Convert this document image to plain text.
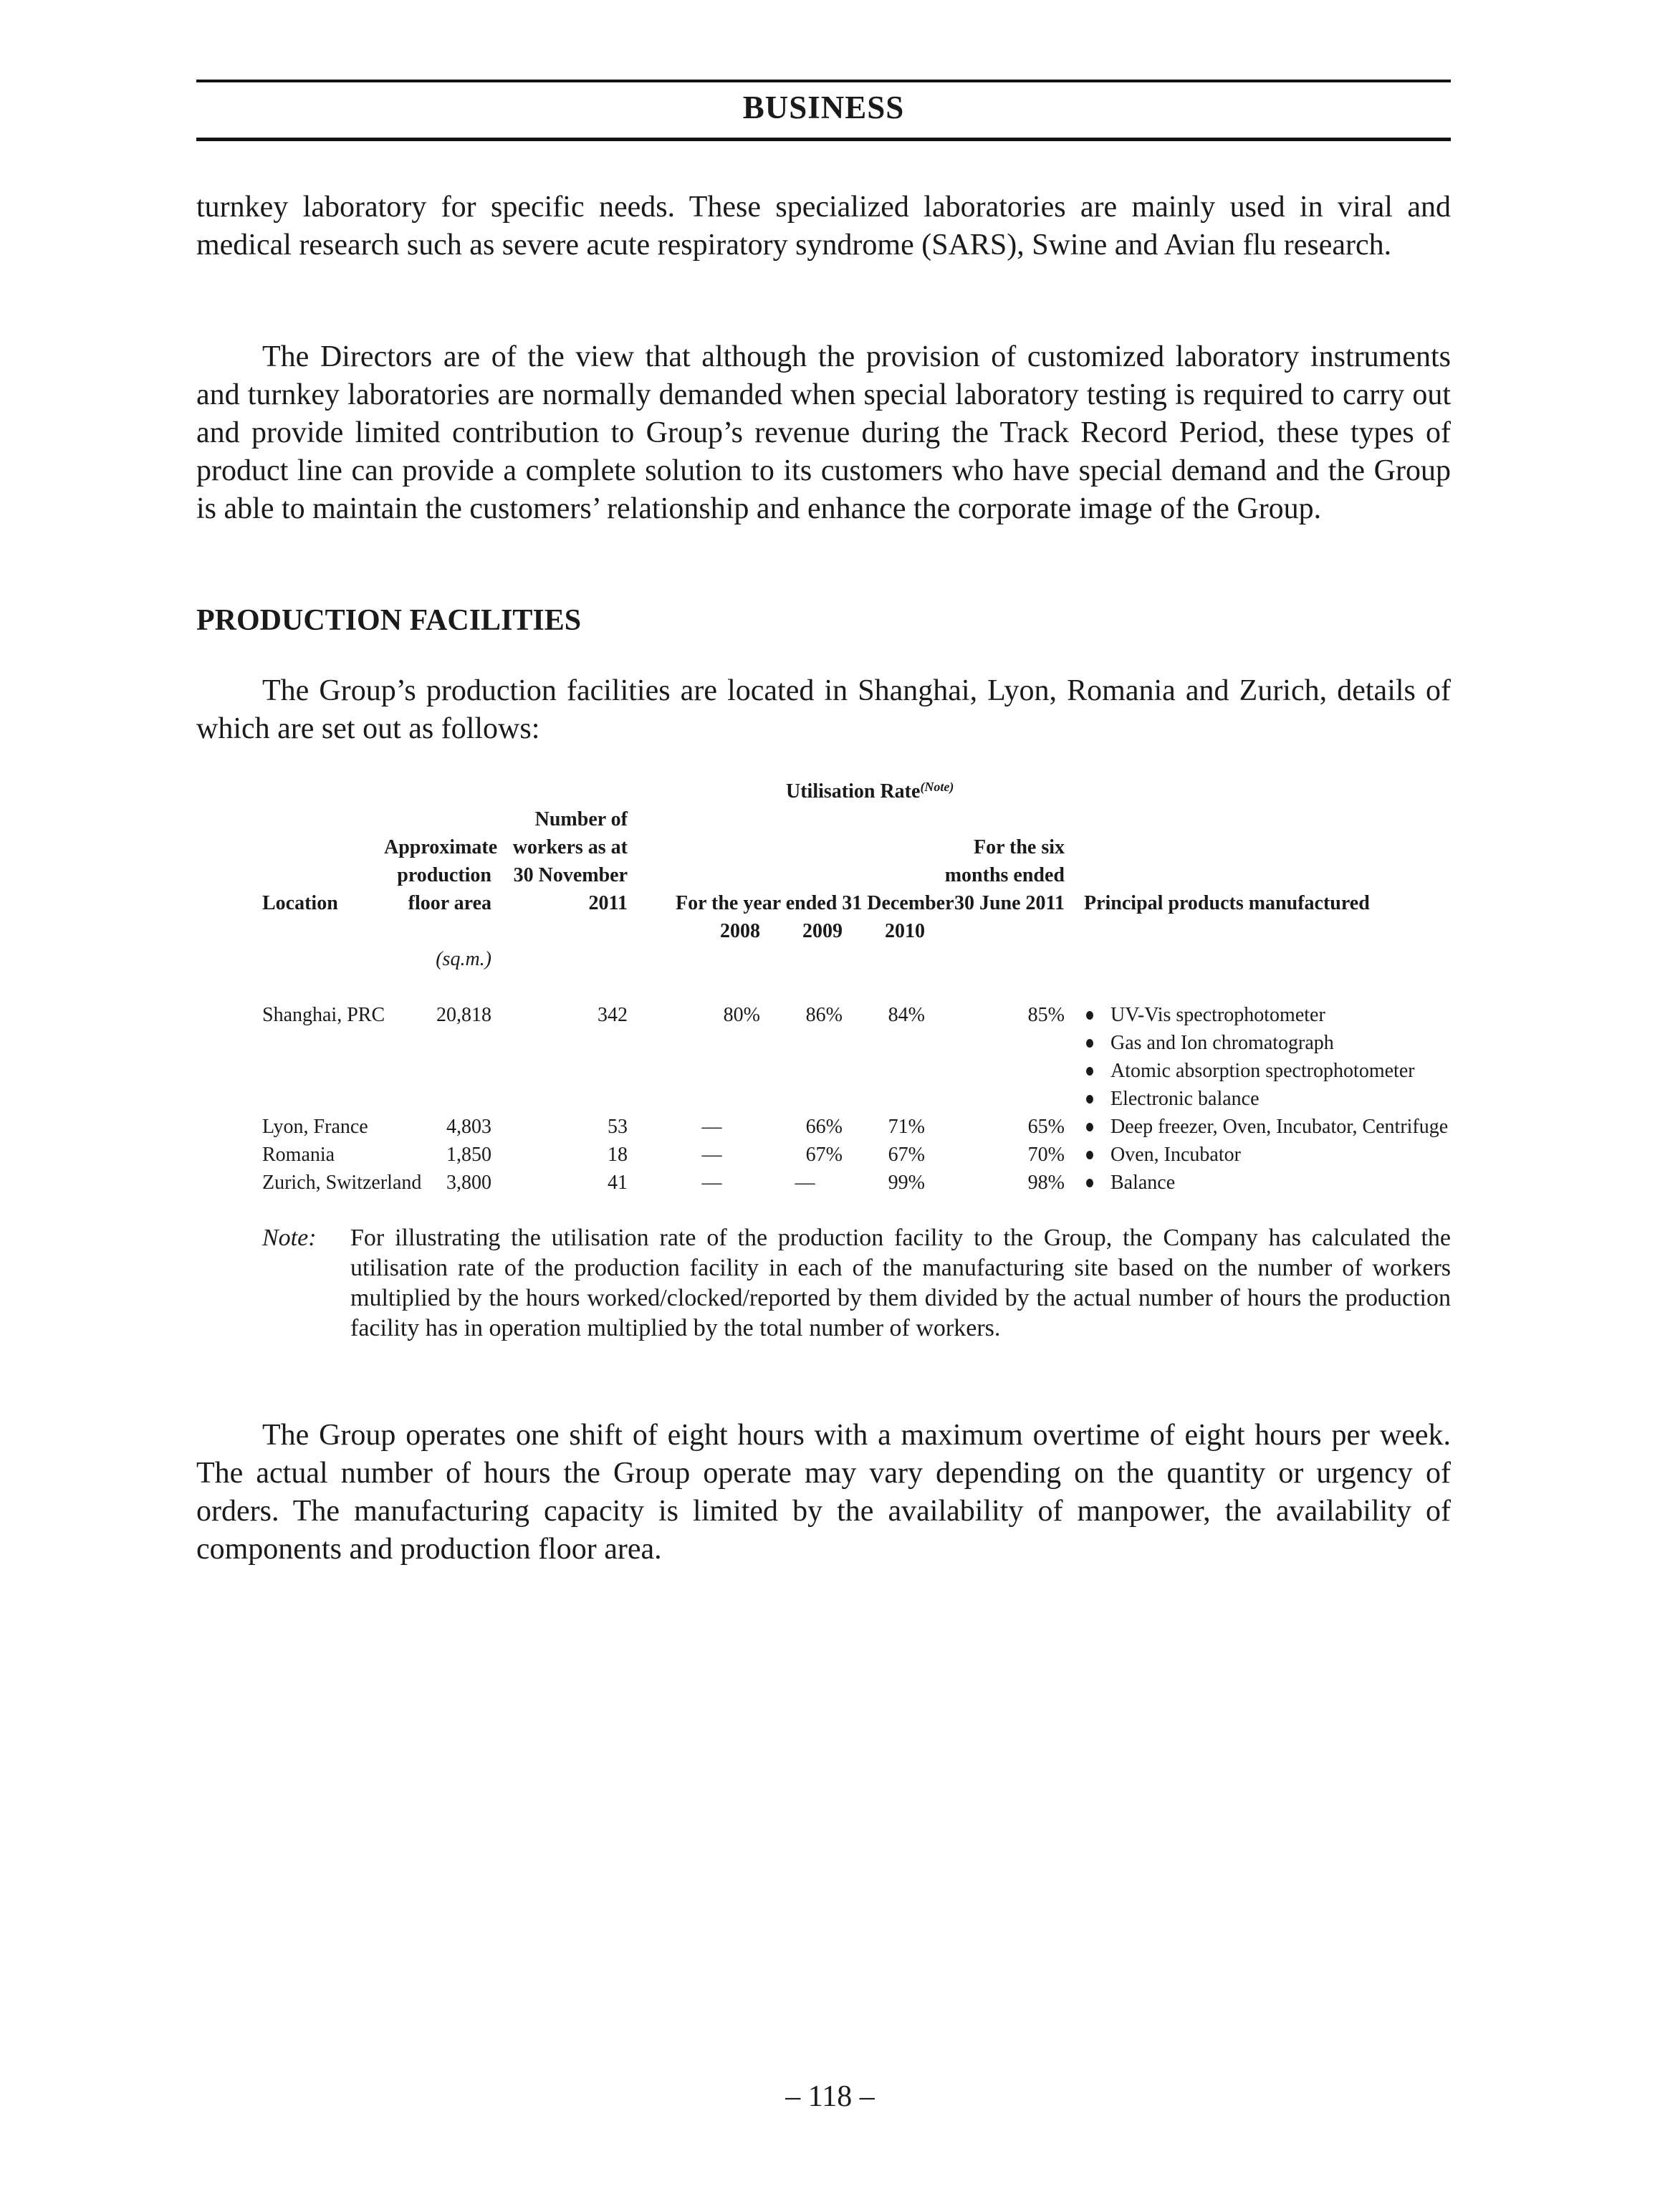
BUSINESS

turnkey laboratory for specific needs. These specialized laboratories are mainly used in viral and medical research such as severe acute respiratory syndrome (SARS), Swine and Avian flu research.

The Directors are of the view that although the provision of customized laboratory instruments and turnkey laboratories are normally demanded when special laboratory testing is required to carry out and provide limited contribution to Group’s revenue during the Track Record Period, these types of product line can provide a complete solution to its customers who have special demand and the Group is able to maintain the customers’ relationship and enhance the corporate image of the Group.

PRODUCTION FACILITIES

The Group’s production facilities are located in Shanghai, Lyon, Romania and Zurich, details of which are set out as follows:

Utilisation Rate$^{(Note)}$
Number of
workers as at
30 November
2011
Approximate
production
floor area
(sq.m.)
Location
For the six
months ended
30 June 2011
For the year ended 31 December
2008	2009	2010
Principal products manufactured
Shanghai, PRC	20,818	342	80%	86%	84%	85%	UV-Vis spectrophotometer
Gas and Ion chromatograph
Atomic absorption spectrophotometer
Electronic balance
Lyon, France	4,803	53	—	66%	71%	65%	Deep freezer, Oven, Incubator, Centrifuge
Romania	1,850	18	—	67%	67%	70%	Oven, Incubator
Zurich, Switzerland	3,800	41	—	—	99%	98%	Balance
Note: For illustrating the utilisation rate of the production facility to the Group, the Company has calculated the utilisation rate of the production facility in each of the manufacturing site based on the number of workers multiplied by the hours worked/clocked/reported by them divided by the actual number of hours the production facility has in operation multiplied by the total number of workers.

The Group operates one shift of eight hours with a maximum overtime of eight hours per week. The actual number of hours the Group operate may vary depending on the quantity or urgency of orders. The manufacturing capacity is limited by the availability of manpower, the availability of components and production floor area.

– 118 –
